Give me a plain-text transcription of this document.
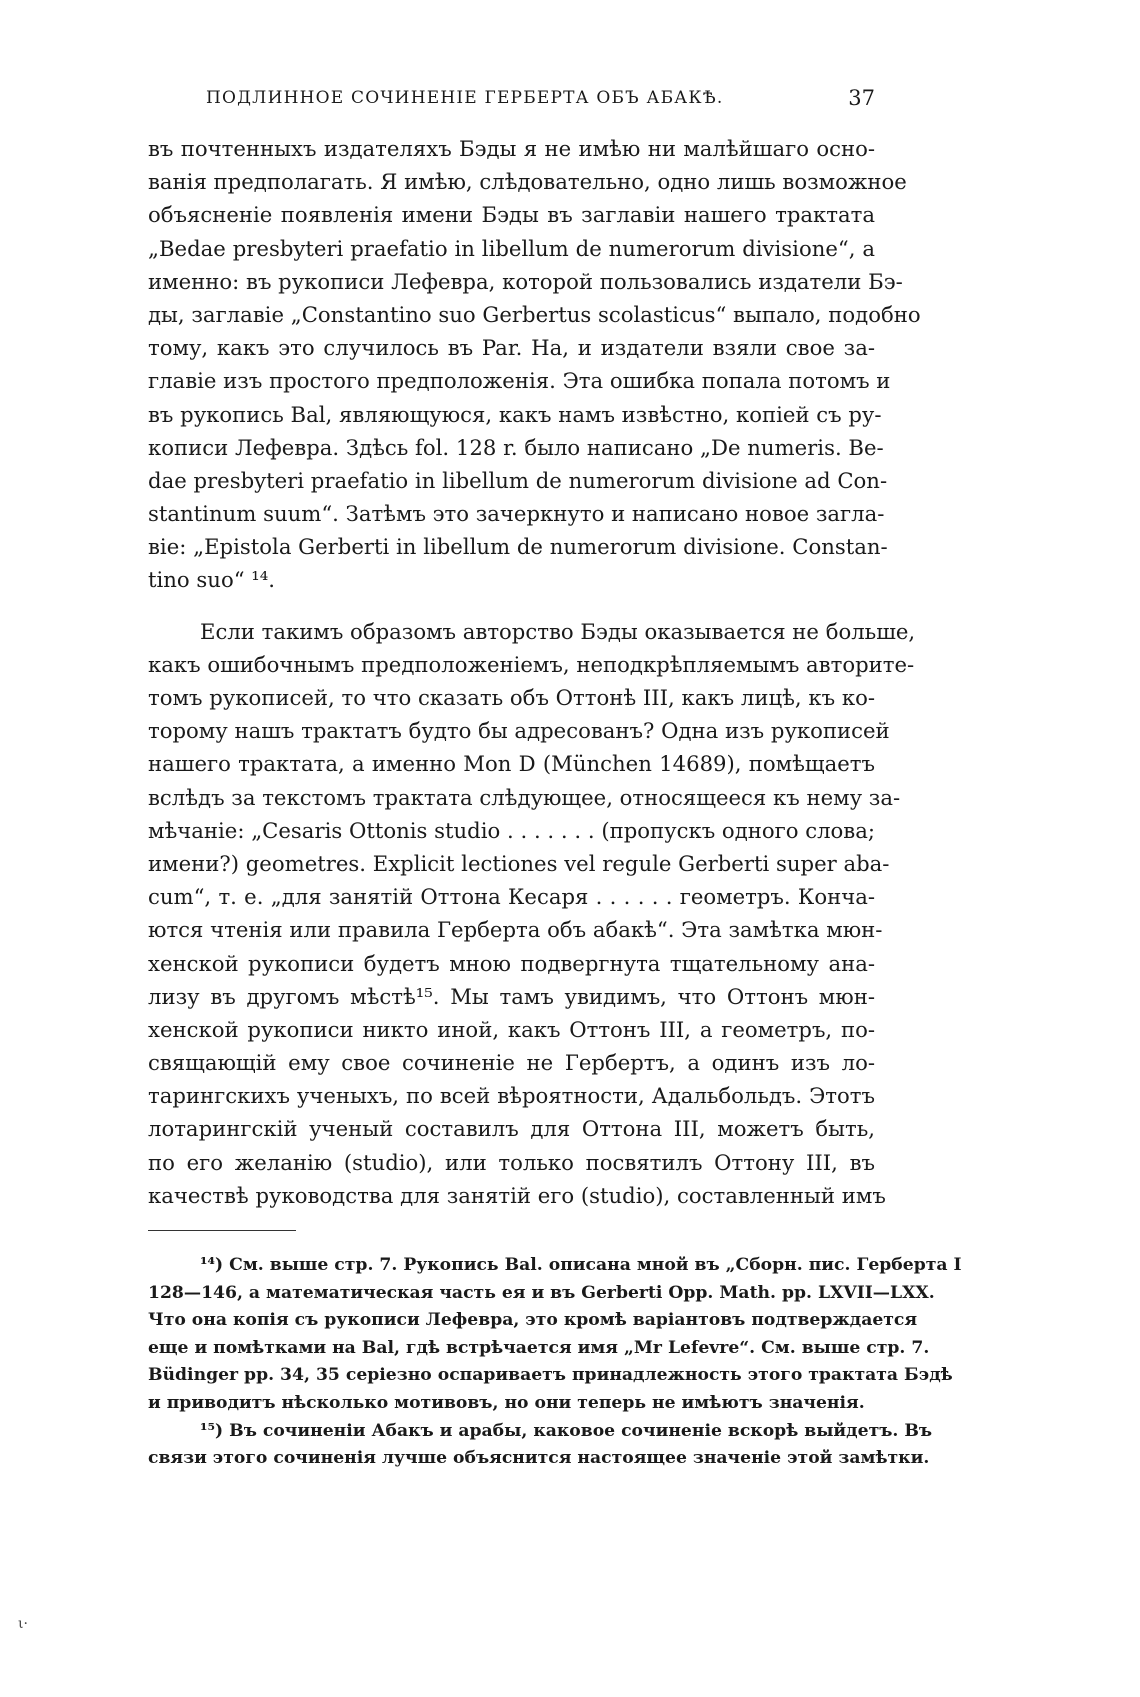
ПОДЛИННОЕ СОЧИНЕНІЕ ГЕРБЕРТА ОБЪ АБАКѢ.	37
въ почтенныхъ издателяхъ Бэды я не имѣю ни малѣйшаго осно-
ванія предполагать. Я имѣю, слѣдовательно, одно лишь возможное
объясненіе появленія имени Бэды въ заглавіи нашего трактата
„Bedae presbyteri praefatio in libellum de numerorum divisione“, а
именно: въ рукописи Лефевра, которой пользовались издатели Бэ-
ды, заглавіе „Constantino suo Gerbertus scolasticus“ выпало, подобно
тому, какъ это случилось въ Par. На, и издатели взяли свое за-
главіе изъ простого предположенія. Эта ошибка попала потомъ и
въ рукопись Bal, являющуюся, какъ намъ извѣстно, копіей съ ру-
кописи Лефевра. Здѣсь fol. 128 r. было написано „De numeris. Be-
dae presbyteri praefatio in libellum de numerorum divisione ad Con-
stantinum suum“. Затѣмъ это зачеркнуто и написано новое загла-
віе: „Epistola Gerberti in libellum de numerorum divisione. Constan-
tino suo“ ¹⁴.
Если такимъ образомъ авторство Бэды оказывается не больше,
какъ ошибочнымъ предположеніемъ, неподкрѣпляемымъ авторите-
томъ рукописей, то что сказать объ Оттонѣ III, какъ лицѣ, къ ко-
торому нашъ трактатъ будто бы адресованъ? Одна изъ рукописей
нашего трактата, а именно Mon D (München 14689), помѣщаетъ
вслѣдъ за текстомъ трактата слѣдующее, относящееся къ нему за-
мѣчаніе: „Cesaris Ottonis studio . . . . . . . (пропускъ одного слова;
имени?) geometres. Explicit lectiones vel regule Gerberti super aba-
cum“, т. е. „для занятій Оттона Кесаря . . . . . . геометръ. Конча-
ются чтенія или правила Герберта объ абакѣ“. Эта замѣтка мюн-
хенской рукописи будетъ мною подвергнута тщательному ана-
лизу въ другомъ мѣстѣ¹⁵. Мы тамъ увидимъ, что Оттонъ мюн-
хенской рукописи никто иной, какъ Оттонъ III, а геометръ, по-
свящающій ему свое сочиненіе не Гербертъ, а одинъ изъ ло-
тарингскихъ ученыхъ, по всей вѣроятности, Адальбольдъ. Этотъ
лотарингскій ученый составилъ для Оттона III, можетъ быть,
по его желанію (studio), или только посвятилъ Оттону III, въ
качествѣ руководства для занятій его (studio), составленный имъ
¹⁴) См. выше стр. 7. Рукопись Bal. описана мной въ „Сборн. пис. Герберта I
128—146, а математическая часть ея и въ Gerberti Opp. Math. pp. LXVII—LXX.
Что она копія съ рукописи Лефевра, это кромѣ варіантовъ подтверждается
еще и помѣтками на Bal, гдѣ встрѣчается имя „Mr Lefevre“. См. выше стр. 7.
Büdinger pp. 34, 35 серіезно оспариваетъ принадлежность этого трактата Бэдѣ
и приводитъ нѣсколько мотивовъ, но они теперь не имѣютъ значенія.
¹⁵) Въ сочиненіи Абакъ и арабы, каковое сочиненіе вскорѣ выйдетъ. Въ
связи этого сочиненія лучше объяснится настоящее значеніе этой замѣтки.
ι·
